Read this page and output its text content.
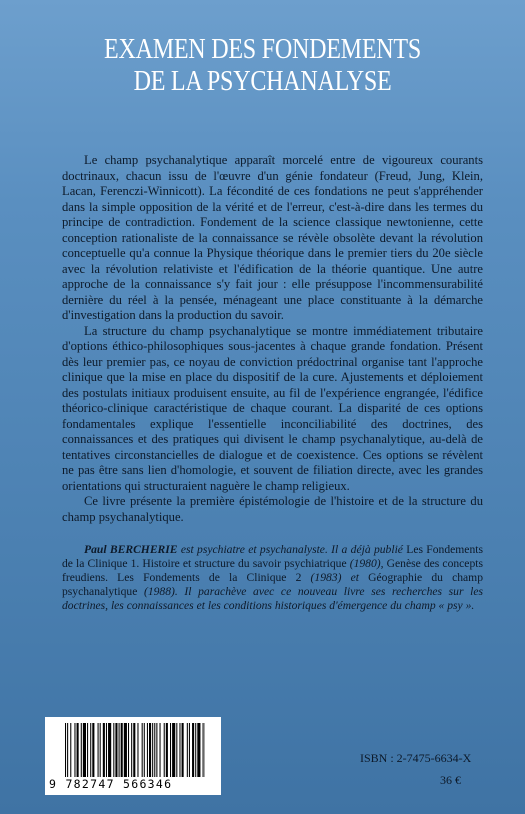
EXAMEN DES FONDEMENTS
DE LA PSYCHANALYSE

Le champ psychanalytique apparaît morcelé entre de vigoureux courants doctrinaux, chacun issu de l'œuvre d'un génie fondateur (Freud, Jung, Klein, Lacan, Ferenczi-Winnicott). La fécondité de ces fondations ne peut s'appréhender dans la simple opposition de la vérité et de l'erreur, c'est-à-dire dans les termes du principe de contradiction. Fondement de la science classique newtonienne, cette conception rationaliste de la connaissance se révèle obsolète devant la révolution conceptuelle qu'a connue la Physique théorique dans le premier tiers du 20e siècle avec la révolution relativiste et l'édification de la théorie quantique. Une autre approche de la connaissance s'y fait jour : elle présuppose l'incommensurabilité dernière du réel à la pensée, ménageant une place constituante à la démarche d'investigation dans la production du savoir.

La structure du champ psychanalytique se montre immédiatement tributaire d'options éthico-philosophiques sous-jacentes à chaque grande fondation. Présent dès leur premier pas, ce noyau de conviction prédoctrinal organise tant l'approche clinique que la mise en place du dispositif de la cure. Ajustements et déploiement des postulats initiaux produisent ensuite, au fil de l'expérience engrangée, l'édifice théorico-clinique caractéristique de chaque courant. La disparité de ces options fondamentales explique l'essentielle inconciliabilité des doctrines, des connaissances et des pratiques qui divisent le champ psychanalytique, au-delà de tentatives circonstancielles de dialogue et de coexistence. Ces options se révèlent ne pas être sans lien d'homologie, et souvent de filiation directe, avec les grandes orientations qui structuraient naguère le champ religieux.

Ce livre présente la première épistémologie de l'histoire et de la structure du champ psychanalytique.

Paul BERCHERIE est psychiatre et psychanalyste. Il a déjà publié Les Fondements de la Clinique 1. Histoire et structure du savoir psychiatrique (1980), Genèse des concepts freudiens. Les Fondements de la Clinique 2 (1983) et Géographie du champ psychanalytique (1988). Il parachève avec ce nouveau livre ses recherches sur les doctrines, les connaissances et les conditions historiques d'émergence du champ « psy ».
9 782747 566346
ISBN : 2-7475-6634-X
36 €
